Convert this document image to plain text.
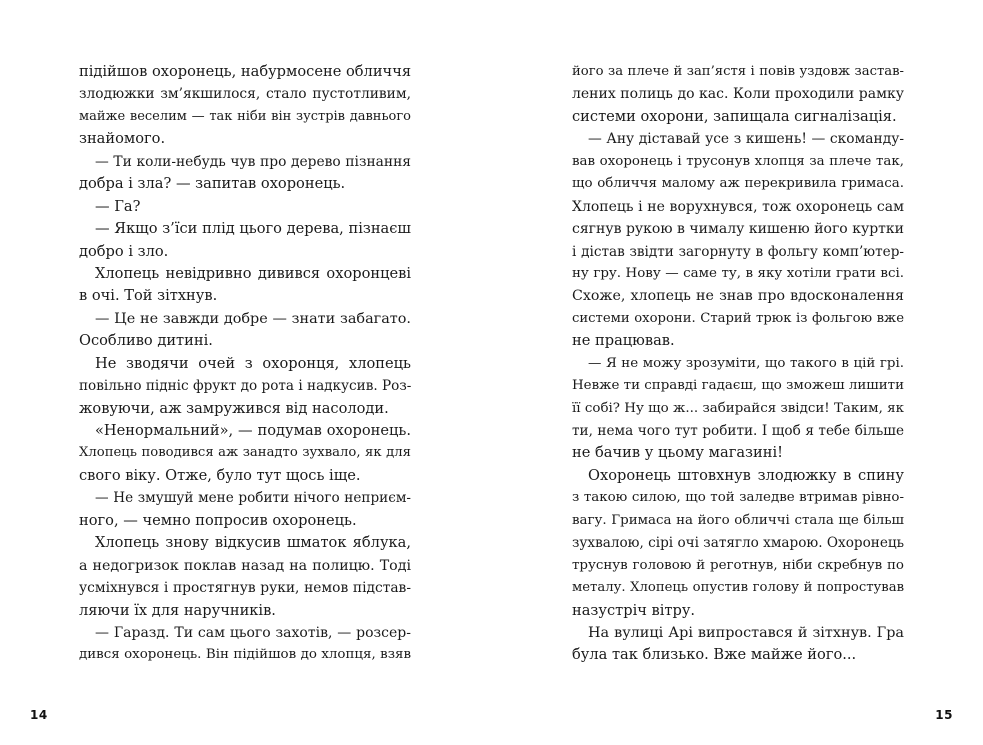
підійшов охоронець, набурмосене обличчя
злодюжки зм’якшилося, стало пустотливим,
майже веселим — так ніби він зустрів давнього
знайомого.
— Ти коли-небудь чув про дерево пізнання
добра і зла? — запитав охоронець.
— Га?
— Якщо з’їси плід цього дерева, пізнаєш
добро і зло.
Хлопець невідривно дивився охоронцеві
в очі. Той зітхнув.
— Це не завжди добре — знати забагато.
Особливо дитині.
Не зводячи очей з охоронця, хлопець
повільно підніс фрукт до рота і надкусив. Роз-
жовуючи, аж замружився від насолоди.
«Ненормальний», — подумав охоронець.
Хлопець поводився аж занадто зухвало, як для
свого віку. Отже, було тут щось іще.
— Не змушуй мене робити нічого неприєм-
ного, — чемно попросив охоронець.
Хлопець знову відкусив шматок яблука,
а недогризок поклав назад на полицю. Тоді
усміхнувся і простягнув руки, немов підстав-
ляючи їх для наручників.
— Гаразд. Ти сам цього захотів, — розсер-
дився охоронець. Він підійшов до хлопця, взяв
14
його за плече й зап’ястя і повів уздовж застав-
лених полиць до кас. Коли проходили рамку
системи охорони, запищала сигналізація.
— Ану діставай усе з кишень! — скоманду-
вав охоронець і трусонув хлопця за плече так,
що обличчя малому аж перекривила гримаса.
Хлопець і не ворухнувся, тож охоронець сам
сягнув рукою в чималу кишеню його куртки
і дістав звідти загорнуту в фольгу комп’ютер-
ну гру. Нову — саме ту, в яку хотіли грати всі.
Схоже, хлопець не знав про вдосконалення
системи охорони. Старий трюк із фольгою вже
не працював.
— Я не можу зрозуміти, що такого в цій грі.
Невже ти справді гадаєш, що зможеш лишити
її собі? Ну що ж... забирайся звідси! Таким, як
ти, нема чого тут робити. І щоб я тебе більше
не бачив у цьому магазині!
Охоронець штовхнув злодюжку в спину
з такою силою, що той заледве втримав рівно-
вагу. Гримаса на його обличчі стала ще більш
зухвалою, сірі очі затягло хмарою. Охоронець
труснув головою й реготнув, ніби скребнув по
металу. Хлопець опустив голову й попростував
назустріч вітру.
На вулиці Арі випростався й зітхнув. Гра
була так близько. Вже майже його...
15
